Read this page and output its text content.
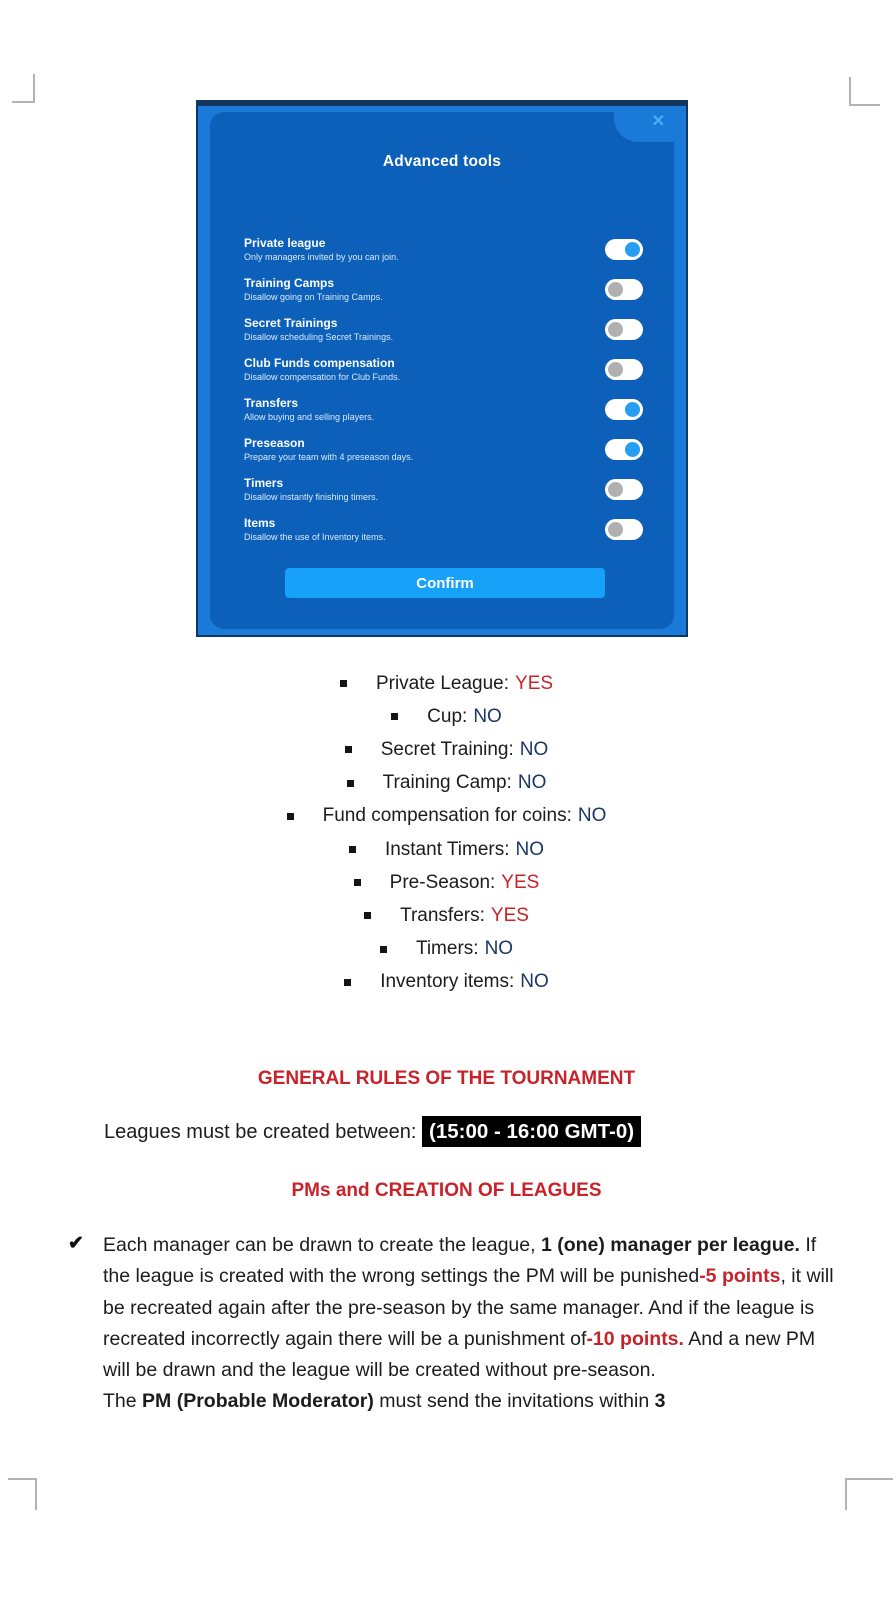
✕
Advanced tools
Private league
Only managers invited by you can join.
Training Camps
Disallow going on Training Camps.
Secret Trainings
Disallow scheduling Secret Trainings.
Club Funds compensation
Disallow compensation for Club Funds.
Transfers
Allow buying and selling players.
Preseason
Prepare your team with 4 preseason days.
Timers
Disallow instantly finishing timers.
Items
Disallow the use of Inventory items.
Confirm
Private League: YES
Cup: NO
Secret Training: NO
Training Camp: NO
Fund compensation for coins: NO
Instant Timers: NO
Pre-Season: YES
Transfers: YES
Timers: NO
Inventory items: NO
GENERAL RULES OF THE TOURNAMENT
Leagues must be created between: (15:00 - 16:00 GMT-0)
PMs and CREATION OF LEAGUES
✔ Each manager can be drawn to create the league, 1 (one) manager per league. If the league is created with the wrong settings the PM will be punished-5 points, it will be recreated again after the pre-season by the same manager. And if the league is recreated incorrectly again there will be a punishment of-10 points. And a new PM will be drawn and the league will be created without pre-season.
The PM (Probable Moderator) must send the invitations within 3
